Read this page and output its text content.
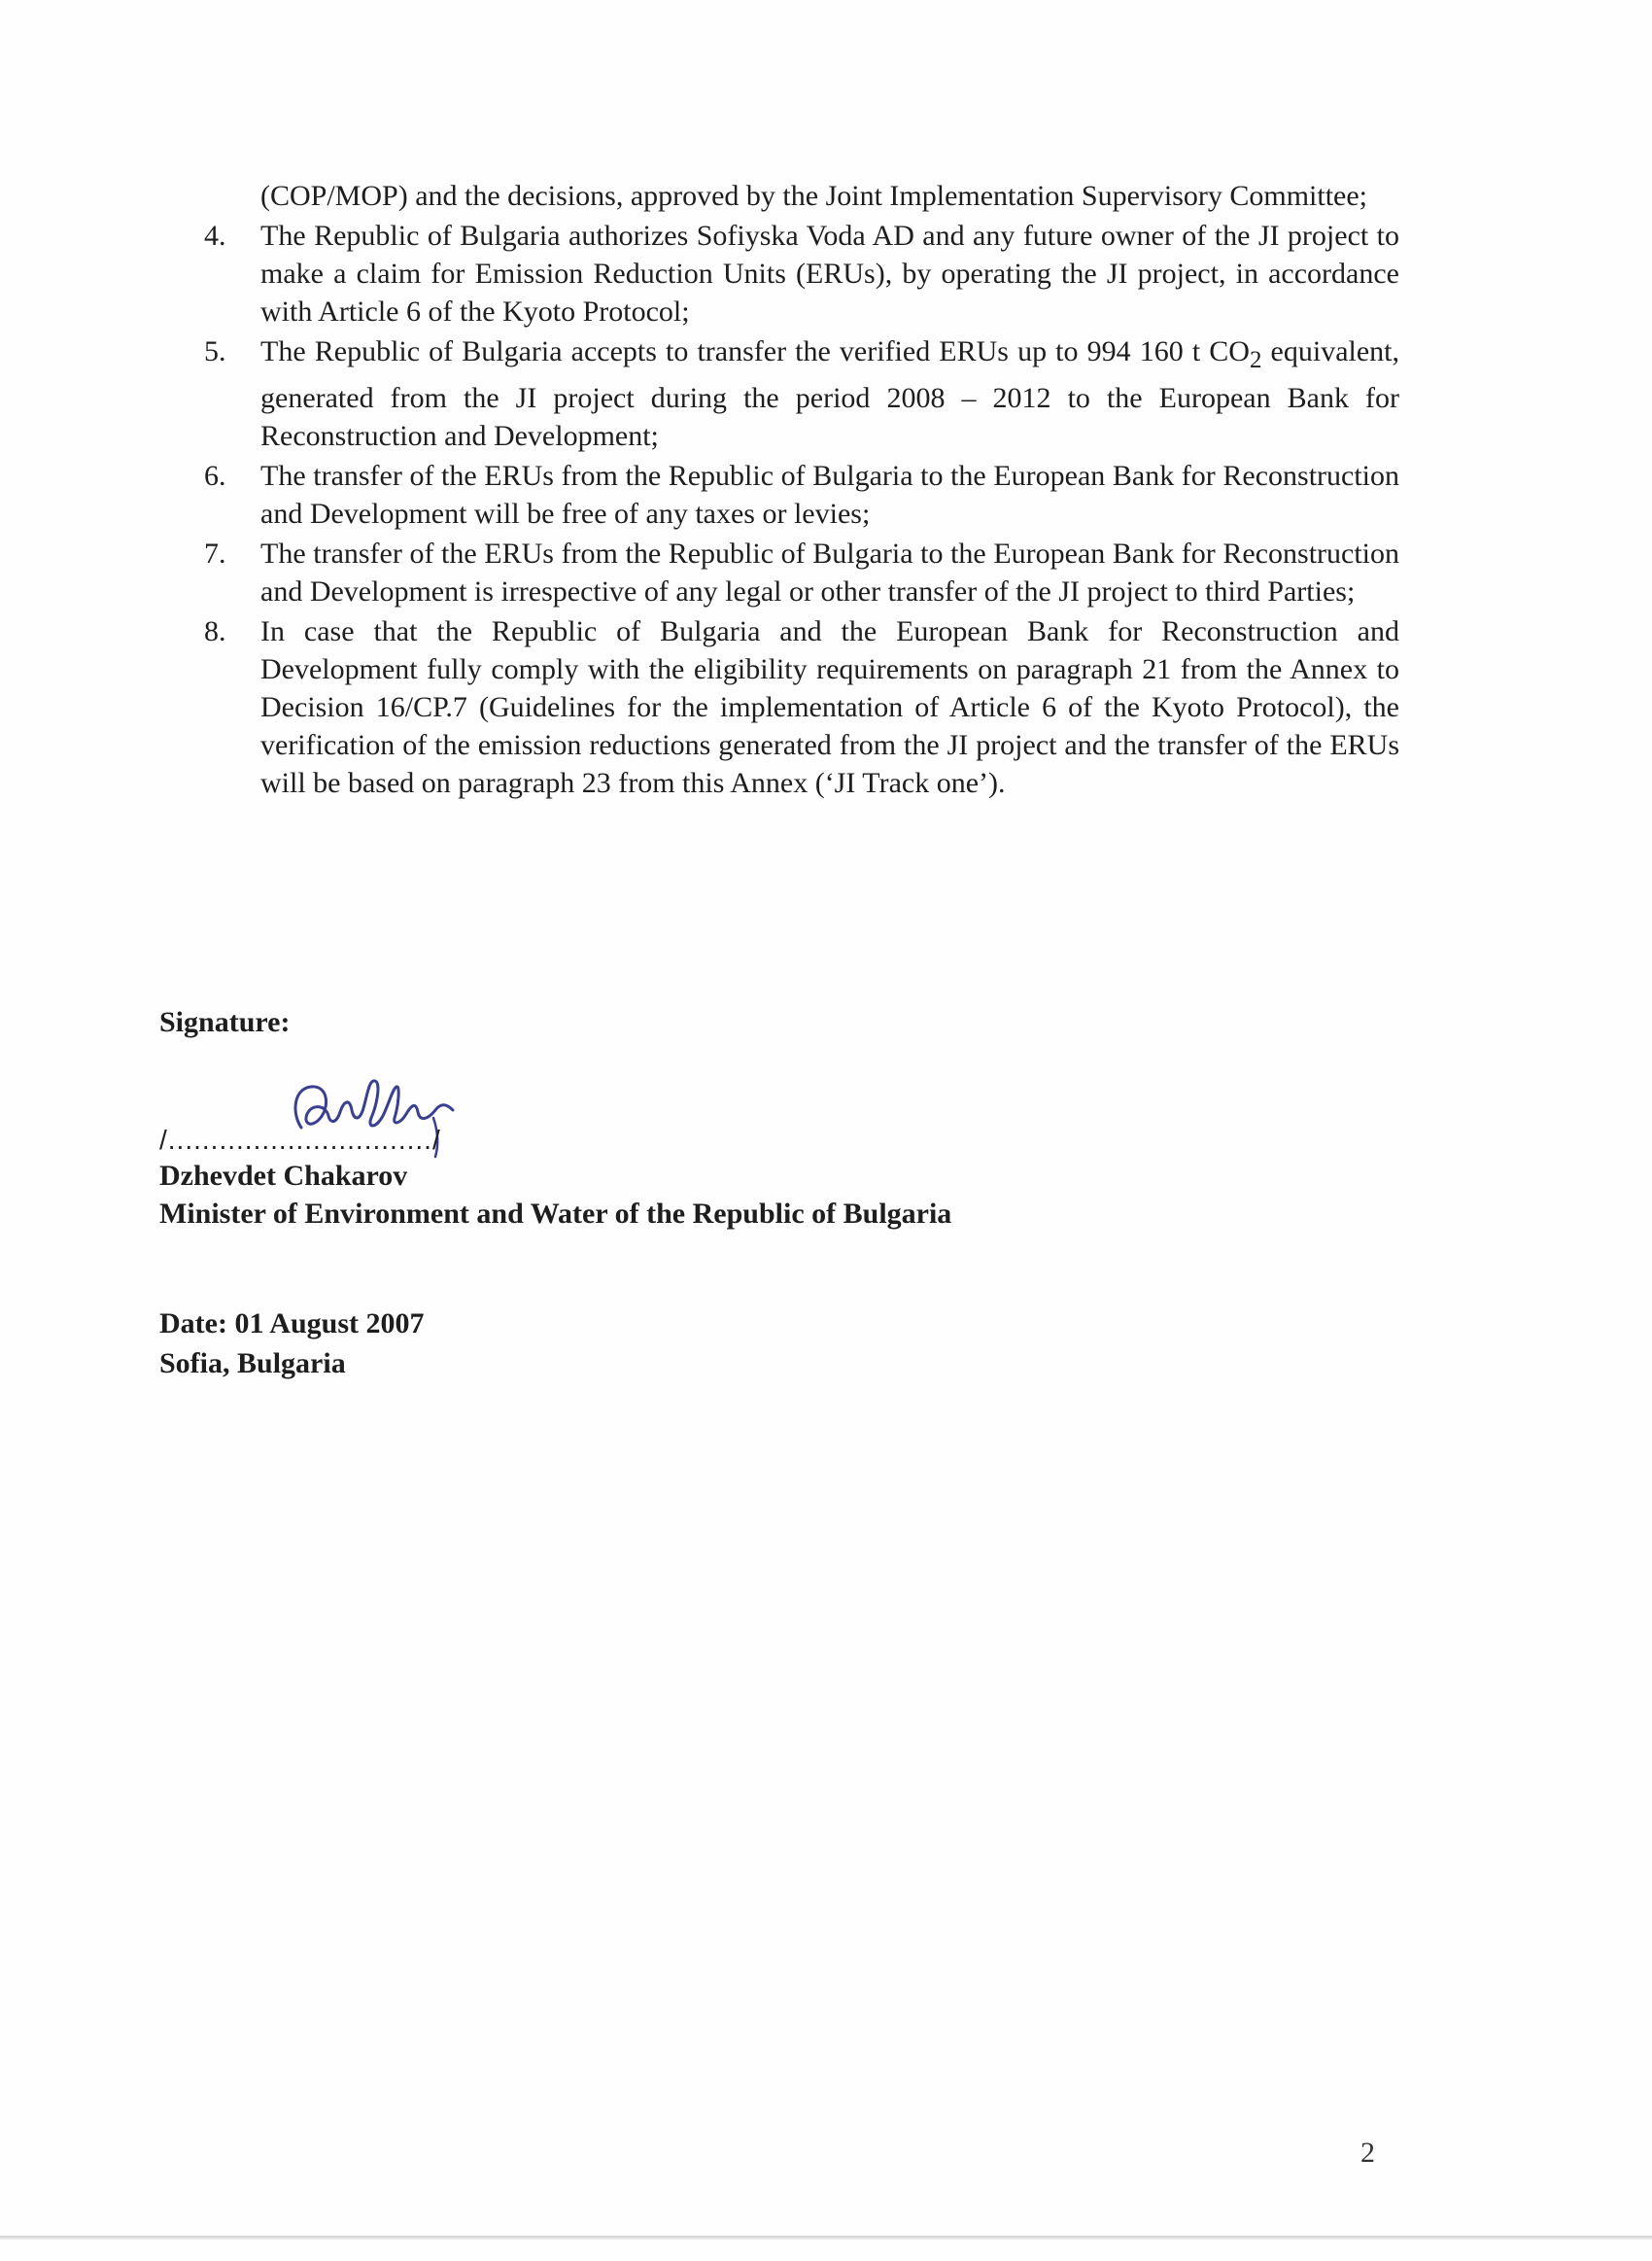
(COP/MOP) and the decisions, approved by the Joint Implementation Supervisory Committee;
4. The Republic of Bulgaria authorizes Sofiyska Voda AD and any future owner of the JI project to make a claim for Emission Reduction Units (ERUs), by operating the JI project, in accordance with Article 6 of the Kyoto Protocol;
5. The Republic of Bulgaria accepts to transfer the verified ERUs up to 994 160 t $CO_2$ equivalent, generated from the JI project during the period 2008 – 2012 to the European Bank for Reconstruction and Development;
6. The transfer of the ERUs from the Republic of Bulgaria to the European Bank for Reconstruction and Development will be free of any taxes or levies;
7. The transfer of the ERUs from the Republic of Bulgaria to the European Bank for Reconstruction and Development is irrespective of any legal or other transfer of the JI project to third Parties;
8. In case that the Republic of Bulgaria and the European Bank for Reconstruction and Development fully comply with the eligibility requirements on paragraph 21 from the Annex to Decision 16/CP.7 (Guidelines for the implementation of Article 6 of the Kyoto Protocol), the verification of the emission reductions generated from the JI project and the transfer of the ERUs will be based on paragraph 23 from this Annex (‘JI Track one’).
Signature:
/.............................../
Dzhevdet Chakarov
Minister of Environment and Water of the Republic of Bulgaria
Date: 01 August 2007
Sofia, Bulgaria
2
